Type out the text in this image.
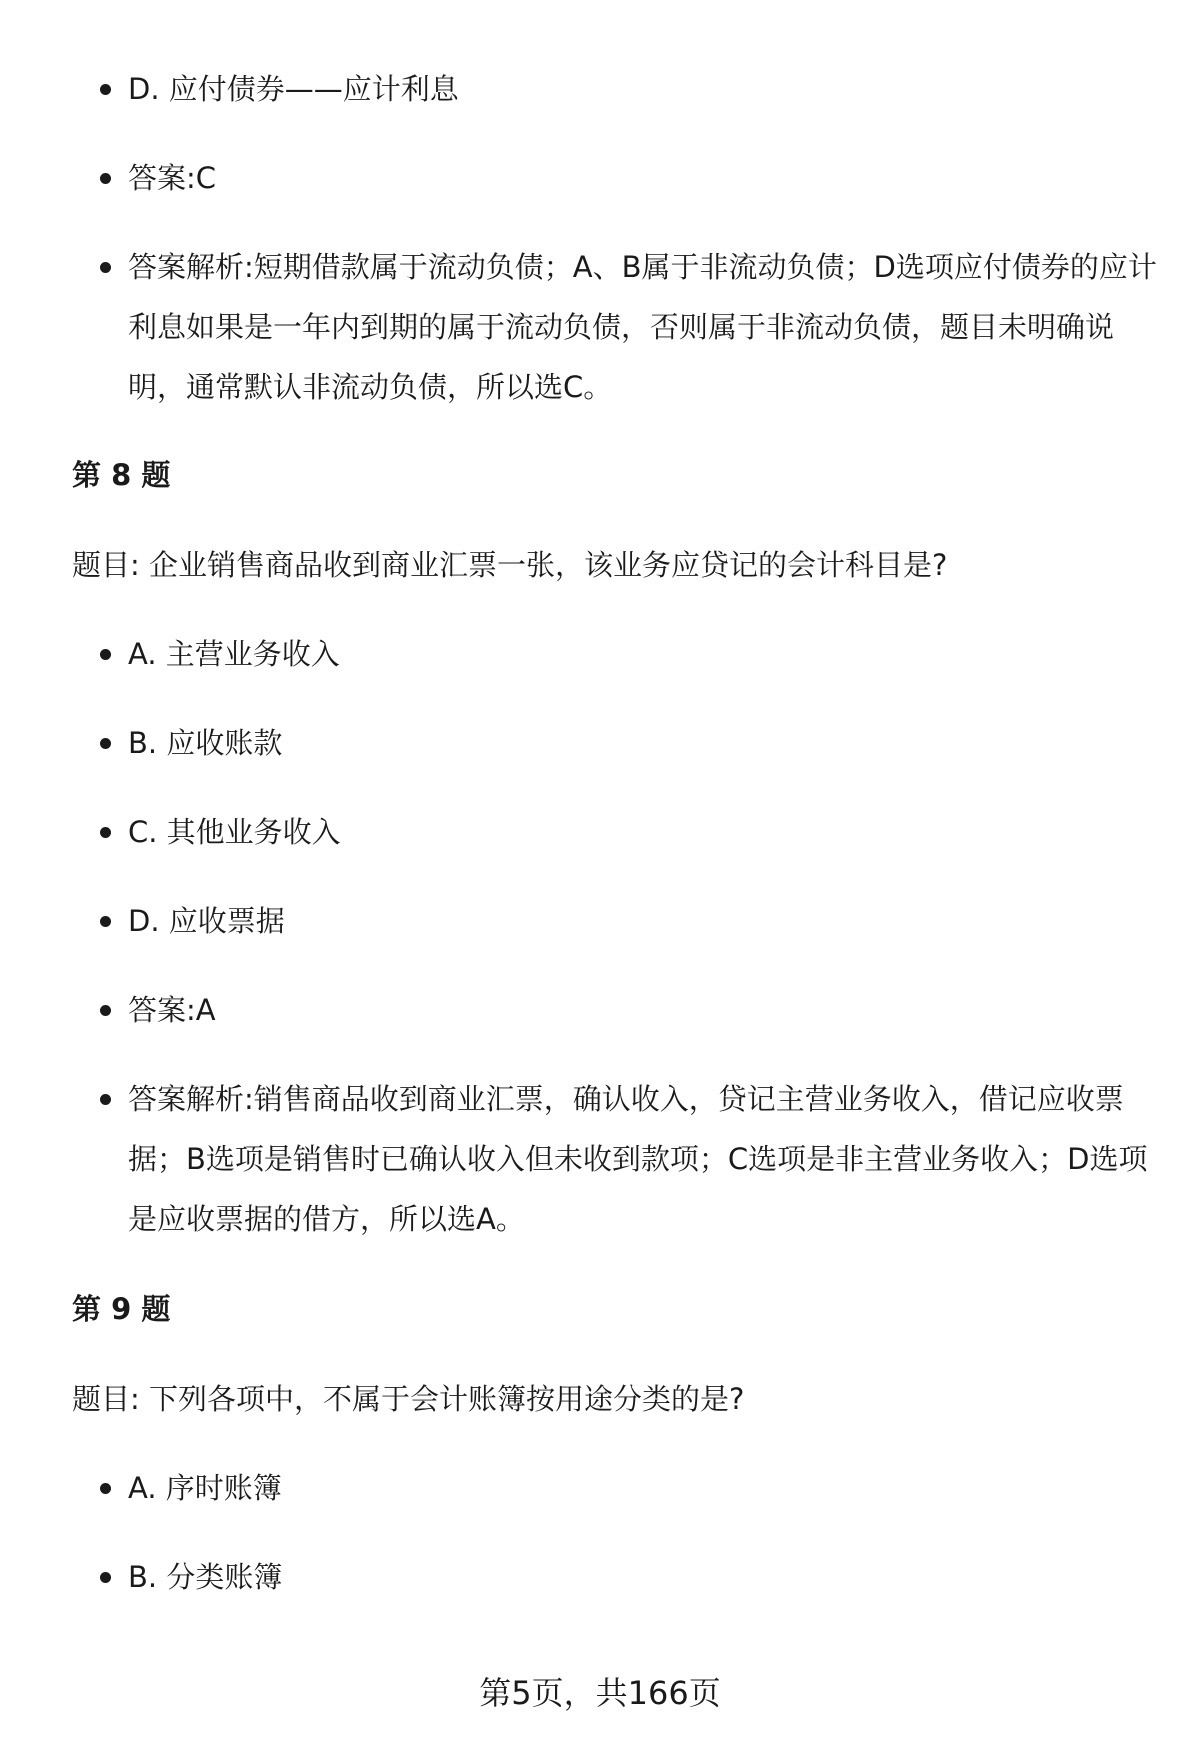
D. 应付债券——应计利息
答案:C
答案解析:短期借款属于流动负债；A、B属于非流动负债；D选项应付债券的应计利息如果是一年内到期的属于流动负债，否则属于非流动负债，题目未明确说明，通常默认非流动负债，所以选C。
第 8 题
题目: 企业销售商品收到商业汇票一张，该业务应贷记的会计科目是?
A. 主营业务收入
B. 应收账款
C. 其他业务收入
D. 应收票据
答案:A
答案解析:销售商品收到商业汇票，确认收入，贷记主营业务收入，借记应收票据；B选项是销售时已确认收入但未收到款项；C选项是非主营业务收入；D选项是应收票据的借方，所以选A。
第 9 题
题目: 下列各项中，不属于会计账簿按用途分类的是?
A. 序时账簿
B. 分类账簿
第5页，共166页
